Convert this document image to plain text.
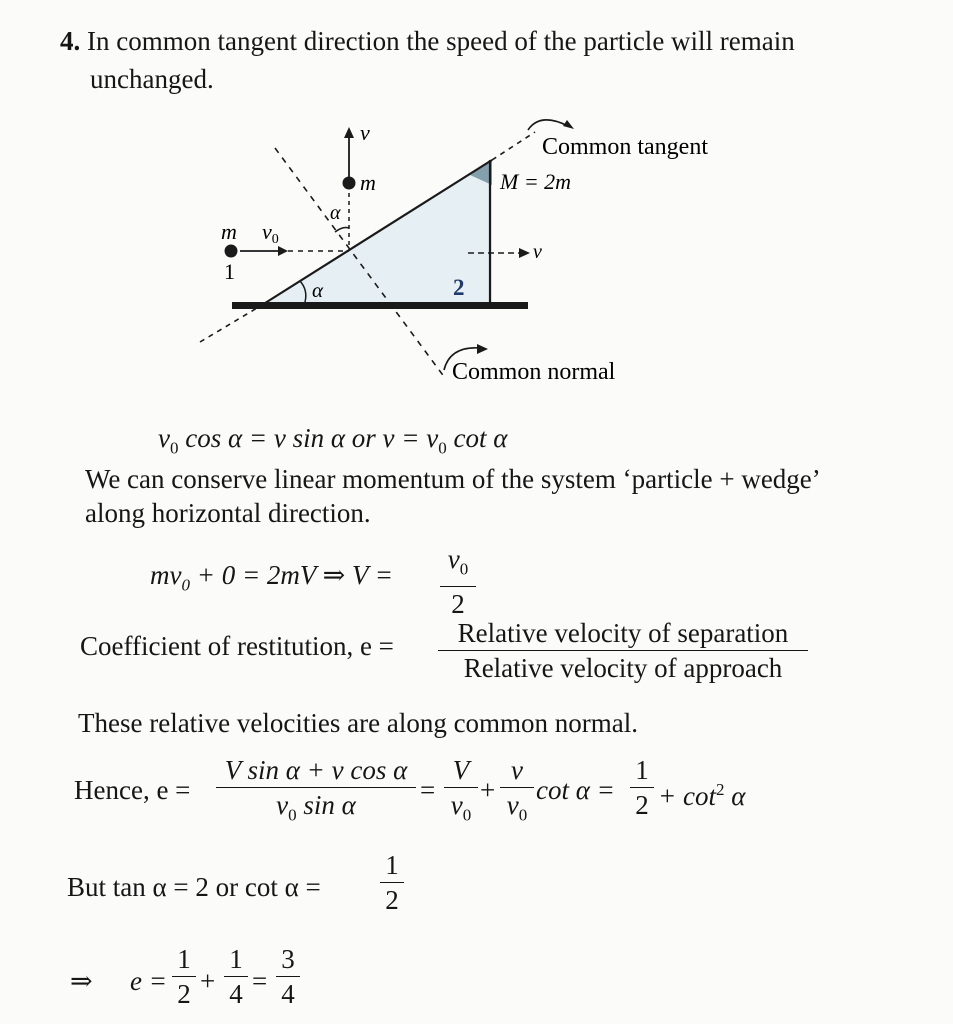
4. In common tangent direction the speed of the particle will remain
unchanged.
v
m
α
m v0
1
α	2
M = 2m
v
Common tangent
Common normal
$v_0$ cos α = v sin α or $v = v_0$ cot α
We can conserve linear momentum of the system ‘particle + wedge’
along horizontal direction.
$mv_0 + 0 = 2mV$ ⇒ V =
$v_0$
2
Coefficient of restitution, e =	Relative velocity of separation
Relative velocity of approach
These relative velocities are along common normal.
Hence, e =
V sin α + v cos α
$v_0$ sin α	=
V
$v_0$
+
v
$v_0$
cot α =
1
$2 + \cot^2 \alpha$
But tan α = 2 or cot α =
1
2
⇒ e =
1
2 +
1
4 =
3
4
